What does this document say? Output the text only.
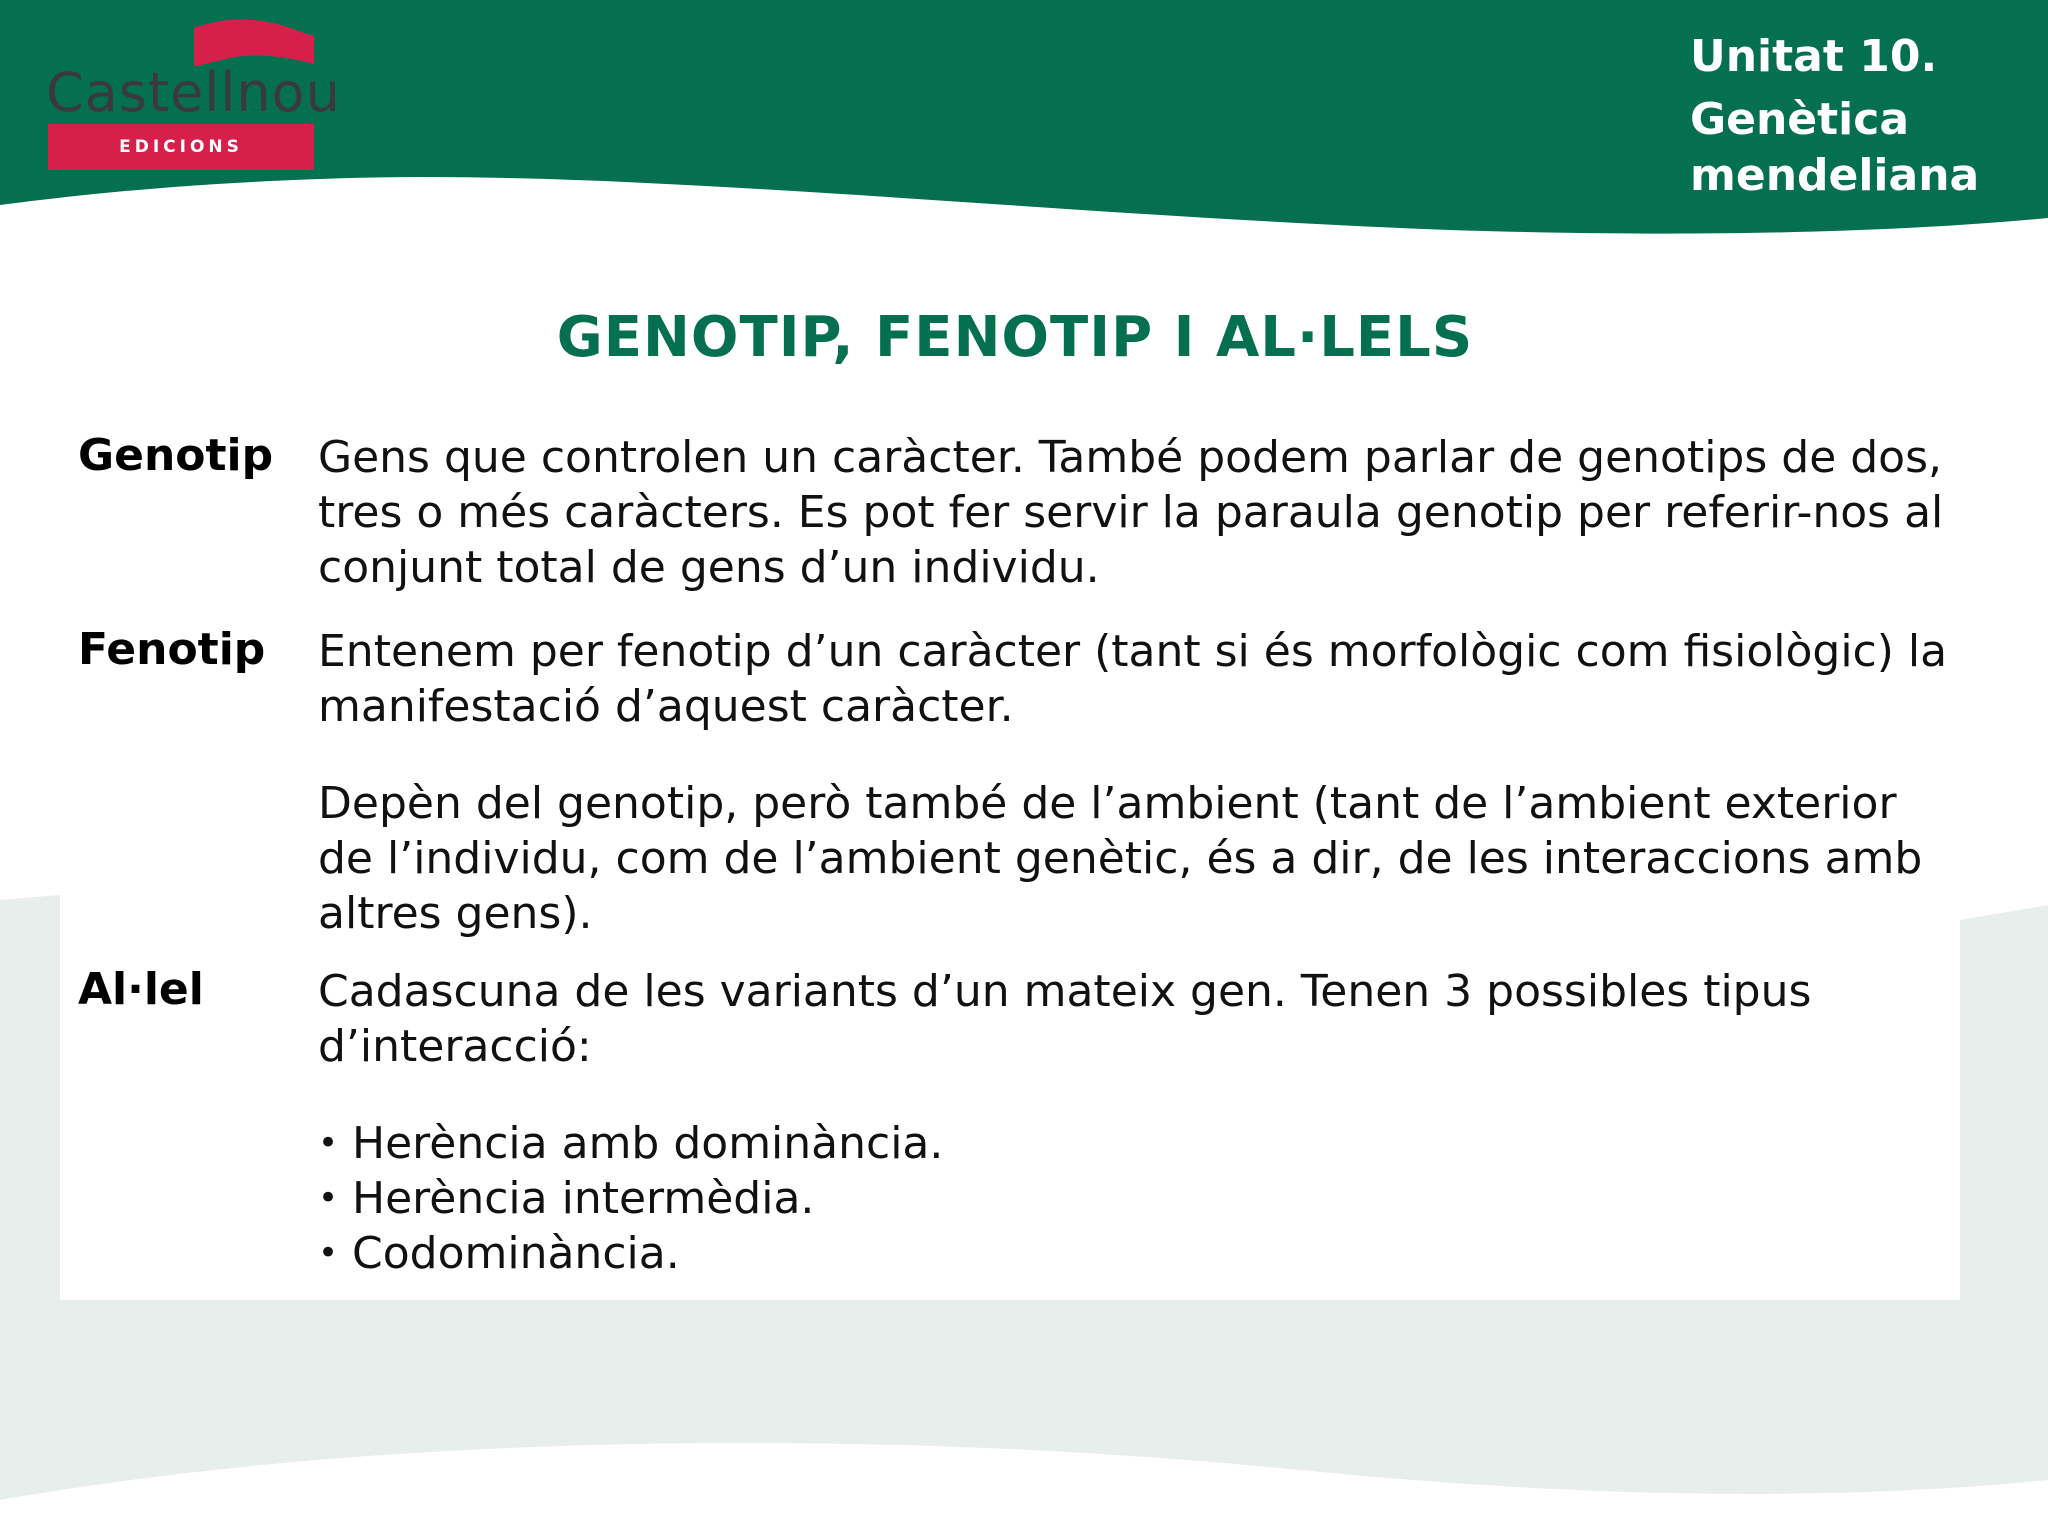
Castellnou
EDICIONS
Unitat 10.
Genètica mendeliana
GENOTIP, FENOTIP I AL·LELS
Genotip Gens que controlen un caràcter. També podem parlar de genotips de dos, tres o més caràcters. Es pot fer servir la paraula genotip per referir-nos al conjunt total de gens d’un individu.
Fenotip Entenem per fenotip d’un caràcter (tant si és morfològic com fisiològic) la manifestació d’aquest caràcter.
Depèn del genotip, però també de l’ambient (tant de l’ambient exterior de l’individu, com de l’ambient genètic, és a dir, de les interaccions amb altres gens).
Al·lel	Cadascuna de les variants d’un mateix gen. Tenen 3 possibles tipus d’interacció:
• Herència amb dominància.
• Herència intermèdia.
• Codominància.
